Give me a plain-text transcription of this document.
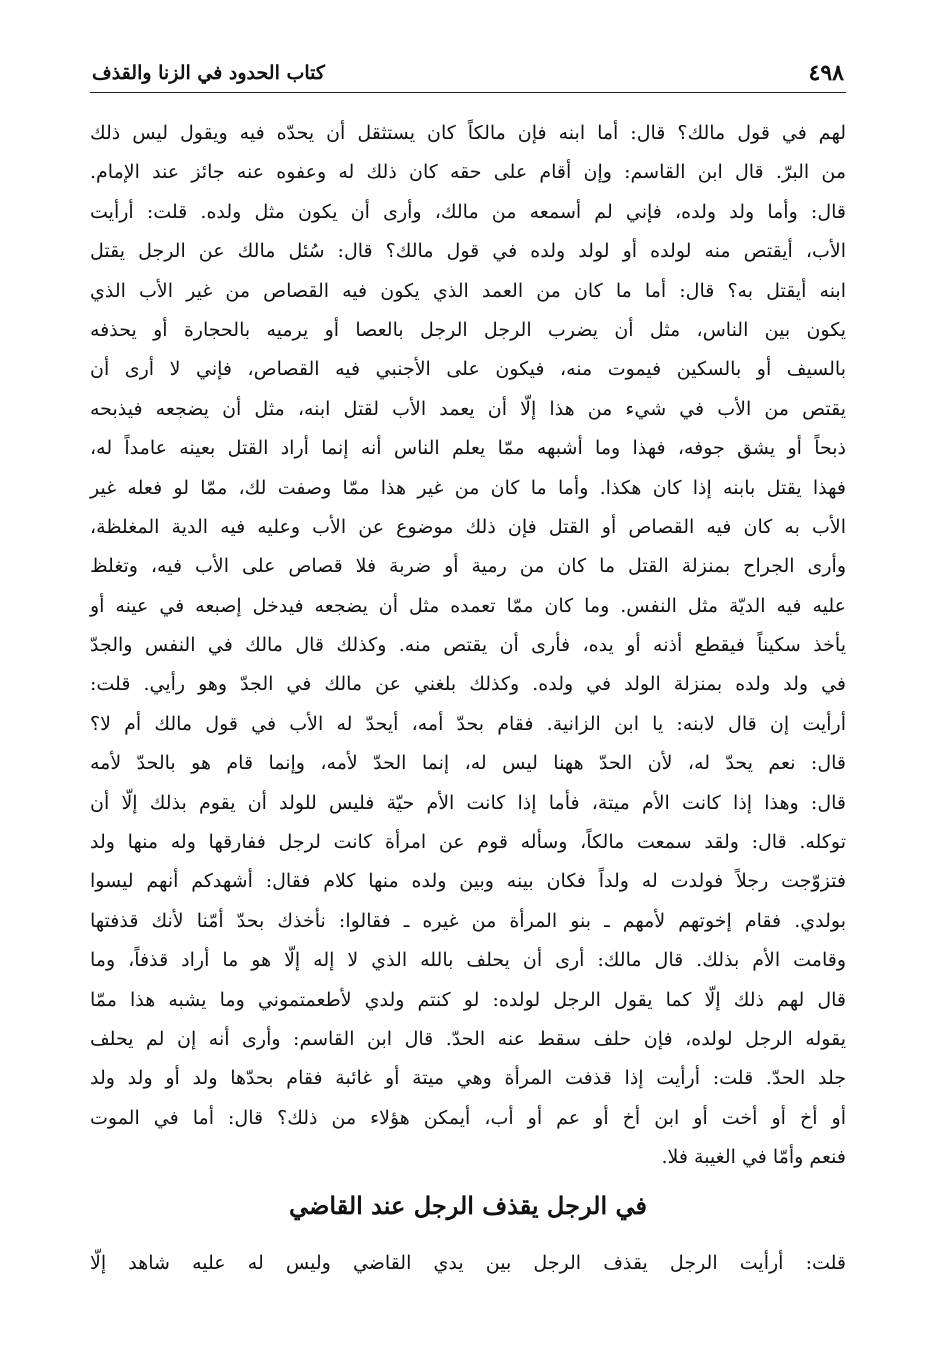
٤٩٨
كتاب الحدود في الزنا والقذف
لهم في قول مالك؟ قال: أما ابنه فإن مالكاً كان يستثقل أن يحدّه فيه ويقول ليس ذلك
من البرّ. قال ابن القاسم: وإن أقام على حقه كان ذلك له وعفوه عنه جائز عند الإمام.
قال: وأما ولد ولده، فإني لم أسمعه من مالك، وأرى أن يكون مثل ولده. قلت: أرأيت
الأب، أيقتص منه لولده أو لولد ولده في قول مالك؟ قال: سُئل مالك عن الرجل يقتل
ابنه أيقتل به؟ قال: أما ما كان من العمد الذي يكون فيه القصاص من غير الأب الذي
يكون بين الناس، مثل أن يضرب الرجل الرجل بالعصا أو يرميه بالحجارة أو يحذفه
بالسيف أو بالسكين فيموت منه، فيكون على الأجنبي فيه القصاص، فإني لا أرى أن
يقتص من الأب في شيء من هذا إلّا أن يعمد الأب لقتل ابنه، مثل أن يضجعه فيذبحه
ذبحاً أو يشق جوفه، فهذا وما أشبهه ممّا يعلم الناس أنه إنما أراد القتل بعينه عامداً له،
فهذا يقتل بابنه إذا كان هكذا. وأما ما كان من غير هذا ممّا وصفت لك، ممّا لو فعله غير
الأب به كان فيه القصاص أو القتل فإن ذلك موضوع عن الأب وعليه فيه الدية المغلظة،
وأرى الجراح بمنزلة القتل ما كان من رمية أو ضربة فلا قصاص على الأب فيه، وتغلظ
عليه فيه الديّة مثل النفس. وما كان ممّا تعمده مثل أن يضجعه فيدخل إصبعه في عينه أو
يأخذ سكيناً فيقطع أذنه أو يده، فأرى أن يقتص منه. وكذلك قال مالك في النفس والجدّ
في ولد ولده بمنزلة الولد في ولده. وكذلك بلغني عن مالك في الجدّ وهو رأيي. قلت:
أرأيت إن قال لابنه: يا ابن الزانية. فقام بحدّ أمه، أيحدّ له الأب في قول مالك أم لا؟
قال: نعم يحدّ له، لأن الحدّ ههنا ليس له، إنما الحدّ لأمه، وإنما قام هو بالحدّ لأمه
قال: وهذا إذا كانت الأم ميتة، فأما إذا كانت الأم حيّة فليس للولد أن يقوم بذلك إلّا أن
توكله. قال: ولقد سمعت مالكاً، وسأله قوم عن امرأة كانت لرجل ففارقها وله منها ولد
فتزوّجت رجلاً فولدت له ولداً فكان بينه وبين ولده منها كلام فقال: أشهدكم أنهم ليسوا
بولدي. فقام إخوتهم لأمهم ـ بنو المرأة من غيره ـ فقالوا: نأخذك بحدّ أمّنا لأنك قذفتها
وقامت الأم بذلك. قال مالك: أرى أن يحلف بالله الذي لا إله إلّا هو ما أراد قذفاً، وما
قال لهم ذلك إلّا كما يقول الرجل لولده: لو كنتم ولدي لأطعمتموني وما يشبه هذا ممّا
يقوله الرجل لولده، فإن حلف سقط عنه الحدّ. قال ابن القاسم: وأرى أنه إن لم يحلف
جلد الحدّ. قلت: أرأيت إذا قذفت المرأة وهي ميتة أو غائبة فقام بحدّها ولد أو ولد ولد
أو أخ أو أخت أو ابن أخ أو عم أو أب، أيمكن هؤلاء من ذلك؟ قال: أما في الموت
فنعم وأمّا في الغيبة فلا.
في الرجل يقذف الرجل عند القاضي
قلت: أرأيت الرجل يقذف الرجل بين يدي القاضي وليس له عليه شاهد إلّا
